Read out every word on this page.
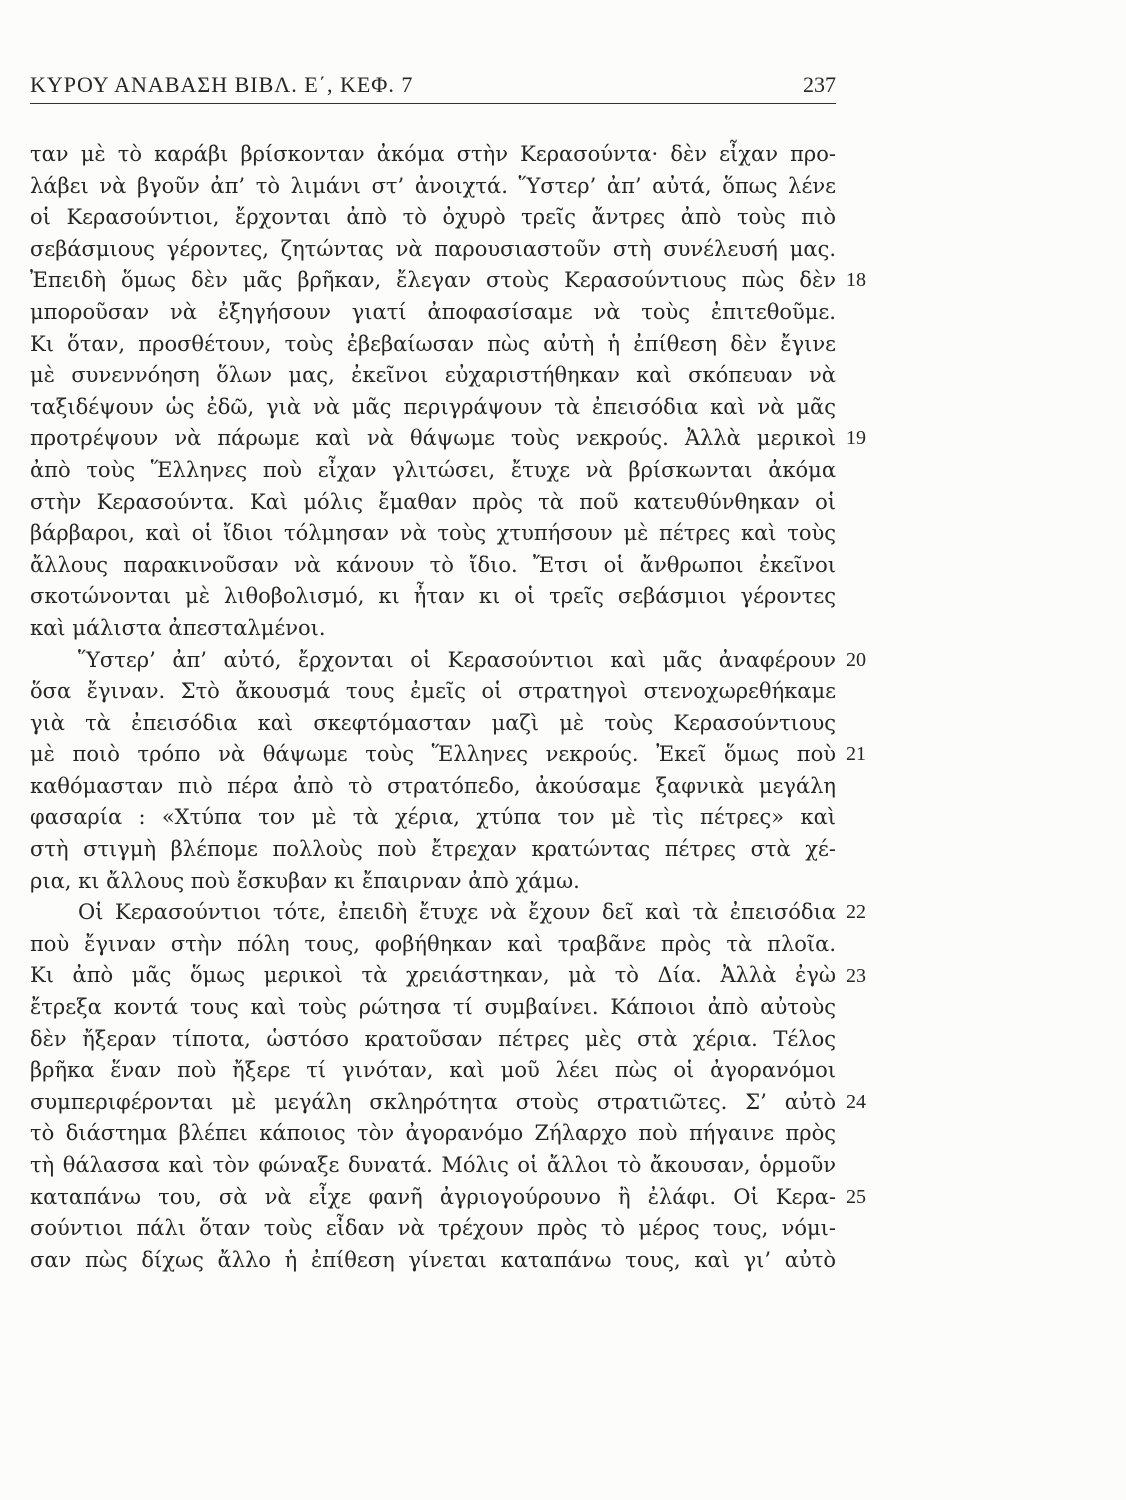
ΚΥΡΟΥ ΑΝΑΒΑΣΗ ΒΙΒΛ. Ε΄, ΚΕΦ. 7	237
ταν μὲ τὸ καράβι βρίσκονταν ἀκόμα στὴν Κερασούντα· δὲν εἶχαν προ-
λάβει νὰ βγοῦν ἀπ’ τὸ λιμάνι στ’ ἀνοιχτά. Ὕστερ’ ἀπ’ αὐτά, ὅπως λένε
οἱ Κερασούντιοι, ἔρχονται ἀπὸ τὸ ὀχυρὸ τρεῖς ἄντρες ἀπὸ τοὺς πιὸ
σεβάσμιους γέροντες, ζητώντας νὰ παρουσιαστοῦν στὴ συνέλευσή μας.
Ἐπειδὴ ὅμως δὲν μᾶς βρῆκαν, ἔλεγαν στοὺς Κερασούντιους πὼς δὲν
μποροῦσαν νὰ ἐξηγήσουν γιατί ἀποφασίσαμε νὰ τοὺς ἐπιτεθοῦμε.
Κι ὅταν, προσθέτουν, τοὺς ἐβεβαίωσαν πὼς αὐτὴ ἡ ἐπίθεση δὲν ἔγινε
μὲ συνεννόηση ὅλων μας, ἐκεῖνοι εὐχαριστήθηκαν καὶ σκόπευαν νὰ
ταξιδέψουν ὡς ἐδῶ, γιὰ νὰ μᾶς περιγράψουν τὰ ἐπεισόδια καὶ νὰ μᾶς
προτρέψουν νὰ πάρωμε καὶ νὰ θάψωμε τοὺς νεκρούς. Ἀλλὰ μερικοὶ
ἀπὸ τοὺς Ἕλληνες ποὺ εἶχαν γλιτώσει, ἔτυχε νὰ βρίσκωνται ἀκόμα
στὴν Κερασούντα. Καὶ μόλις ἔμαθαν πρὸς τὰ ποῦ κατευθύνθηκαν οἱ
βάρβαροι, καὶ οἱ ἴδιοι τόλμησαν νὰ τοὺς χτυπήσουν μὲ πέτρες καὶ τοὺς
ἄλλους παρακινοῦσαν νὰ κάνουν τὸ ἴδιο. Ἔτσι οἱ ἄνθρωποι ἐκεῖνοι
σκοτώνονται μὲ λιθοβολισμό, κι ἦταν κι οἱ τρεῖς σεβάσμιοι γέροντες
καὶ μάλιστα ἀπεσταλμένοι.
Ὕστερ’ ἀπ’ αὐτό, ἔρχονται οἱ Κερασούντιοι καὶ μᾶς ἀναφέρουν
ὅσα ἔγιναν. Στὸ ἄκουσμά τους ἐμεῖς οἱ στρατηγοὶ στενοχωρεθήκαμε
γιὰ τὰ ἐπεισόδια καὶ σκεφτόμασταν μαζὶ μὲ τοὺς Κερασούντιους
μὲ ποιὸ τρόπο νὰ θάψωμε τοὺς Ἕλληνες νεκρούς. Ἐκεῖ ὅμως ποὺ
καθόμασταν πιὸ πέρα ἀπὸ τὸ στρατόπεδο, ἀκούσαμε ξαφνικὰ μεγάλη
φασαρία : «Χτύπα τον μὲ τὰ χέρια, χτύπα τον μὲ τὶς πέτρες» καὶ
στὴ στιγμὴ βλέπομε πολλοὺς ποὺ ἔτρεχαν κρατώντας πέτρες στὰ χέ-
ρια, κι ἄλλους ποὺ ἔσκυβαν κι ἔπαιρναν ἀπὸ χάμω.
Οἱ Κερασούντιοι τότε, ἐπειδὴ ἔτυχε νὰ ἔχουν δεῖ καὶ τὰ ἐπεισόδια
ποὺ ἔγιναν στὴν πόλη τους, φοβήθηκαν καὶ τραβᾶνε πρὸς τὰ πλοῖα.
Κι ἀπὸ μᾶς ὅμως μερικοὶ τὰ χρειάστηκαν, μὰ τὸ Δία. Ἀλλὰ ἐγὼ
ἔτρεξα κοντά τους καὶ τοὺς ρώτησα τί συμβαίνει. Κάποιοι ἀπὸ αὐτοὺς
δὲν ἤξεραν τίποτα, ὡστόσο κρατοῦσαν πέτρες μὲς στὰ χέρια. Τέλος
βρῆκα ἕναν ποὺ ἤξερε τί γινόταν, καὶ μοῦ λέει πὼς οἱ ἀγορανόμοι
συμπεριφέρονται μὲ μεγάλη σκληρότητα στοὺς στρατιῶτες. Σ’ αὐτὸ
τὸ διάστημα βλέπει κάποιος τὸν ἀγορανόμο Ζήλαρχο ποὺ πήγαινε πρὸς
τὴ θάλασσα καὶ τὸν φώναξε δυνατά. Μόλις οἱ ἄλλοι τὸ ἄκουσαν, ὁρμοῦν
καταπάνω του, σὰ νὰ εἶχε φανῆ ἀγριογούρουνο ἢ ἐλάφι. Οἱ Κερα-
σούντιοι πάλι ὅταν τοὺς εἶδαν νὰ τρέχουν πρὸς τὸ μέρος τους, νόμι-
σαν πὼς δίχως ἄλλο ἡ ἐπίθεση γίνεται καταπάνω τους, καὶ γι’ αὐτὸ
18
19
20
21
22
23
24
25
